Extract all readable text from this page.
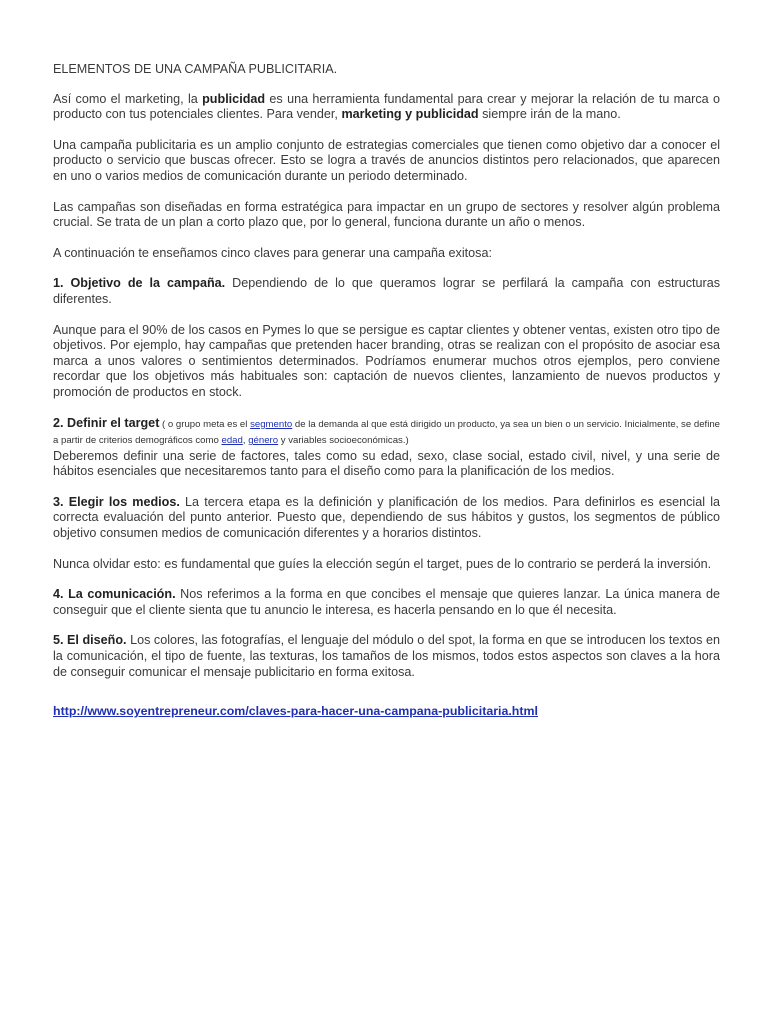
ELEMENTOS DE UNA CAMPAÑA PUBLICITARIA.

Así como el marketing, la publicidad es una herramienta fundamental para crear y mejorar la relación de tu marca o producto con tus potenciales clientes. Para vender, marketing y publicidad siempre irán de la mano.

Una campaña publicitaria es un amplio conjunto de estrategias comerciales que tienen como objetivo dar a conocer el producto o servicio que buscas ofrecer. Esto se logra a través de anuncios distintos pero relacionados, que aparecen en uno o varios medios de comunicación durante un periodo determinado.

Las campañas son diseñadas en forma estratégica para impactar en un grupo de sectores y resolver algún problema crucial. Se trata de un plan a corto plazo que, por lo general, funciona durante un año o menos.

A continuación te enseñamos cinco claves para generar una campaña exitosa:

1. Objetivo de la campaña. Dependiendo de lo que queramos lograr se perfilará la campaña con estructuras diferentes.

Aunque para el 90% de los casos en Pymes lo que se persigue es captar clientes y obtener ventas, existen otro tipo de objetivos. Por ejemplo, hay campañas que pretenden hacer branding, otras se realizan con el propósito de asociar esa marca a unos valores o sentimientos determinados. Podríamos enumerar muchos otros ejemplos, pero conviene recordar que los objetivos más habituales son: captación de nuevos clientes, lanzamiento de nuevos productos y promoción de productos en stock.

2. Definir el target ( o grupo meta es el segmento de la demanda al que está dirigido un producto, ya sea un bien o un servicio. Inicialmente, se define a partir de criterios demográficos como edad, género y variables socioeconómicas.)
Deberemos definir una serie de factores, tales como su edad, sexo, clase social, estado civil, nivel, y una serie de hábitos esenciales que necesitaremos tanto para el diseño como para la planificación de los medios.

3. Elegir los medios. La tercera etapa es la definición y planificación de los medios. Para definirlos es esencial la correcta evaluación del punto anterior. Puesto que, dependiendo de sus hábitos y gustos, los segmentos de público objetivo consumen medios de comunicación diferentes y a horarios distintos.

Nunca olvidar esto: es fundamental que guíes la elección según el target, pues de lo contrario se perderá la inversión.

4. La comunicación. Nos referimos a la forma en que concibes el mensaje que quieres lanzar. La única manera de conseguir que el cliente sienta que tu anuncio le interesa, es hacerla pensando en lo que él necesita.

5. El diseño. Los colores, las fotografías, el lenguaje del módulo o del spot, la forma en que se introducen los textos en la comunicación, el tipo de fuente, las texturas, los tamaños de los mismos, todos estos aspectos son claves a la hora de conseguir comunicar el mensaje publicitario en forma exitosa.

http://www.soyentrepreneur.com/claves-para-hacer-una-campana-publicitaria.html
